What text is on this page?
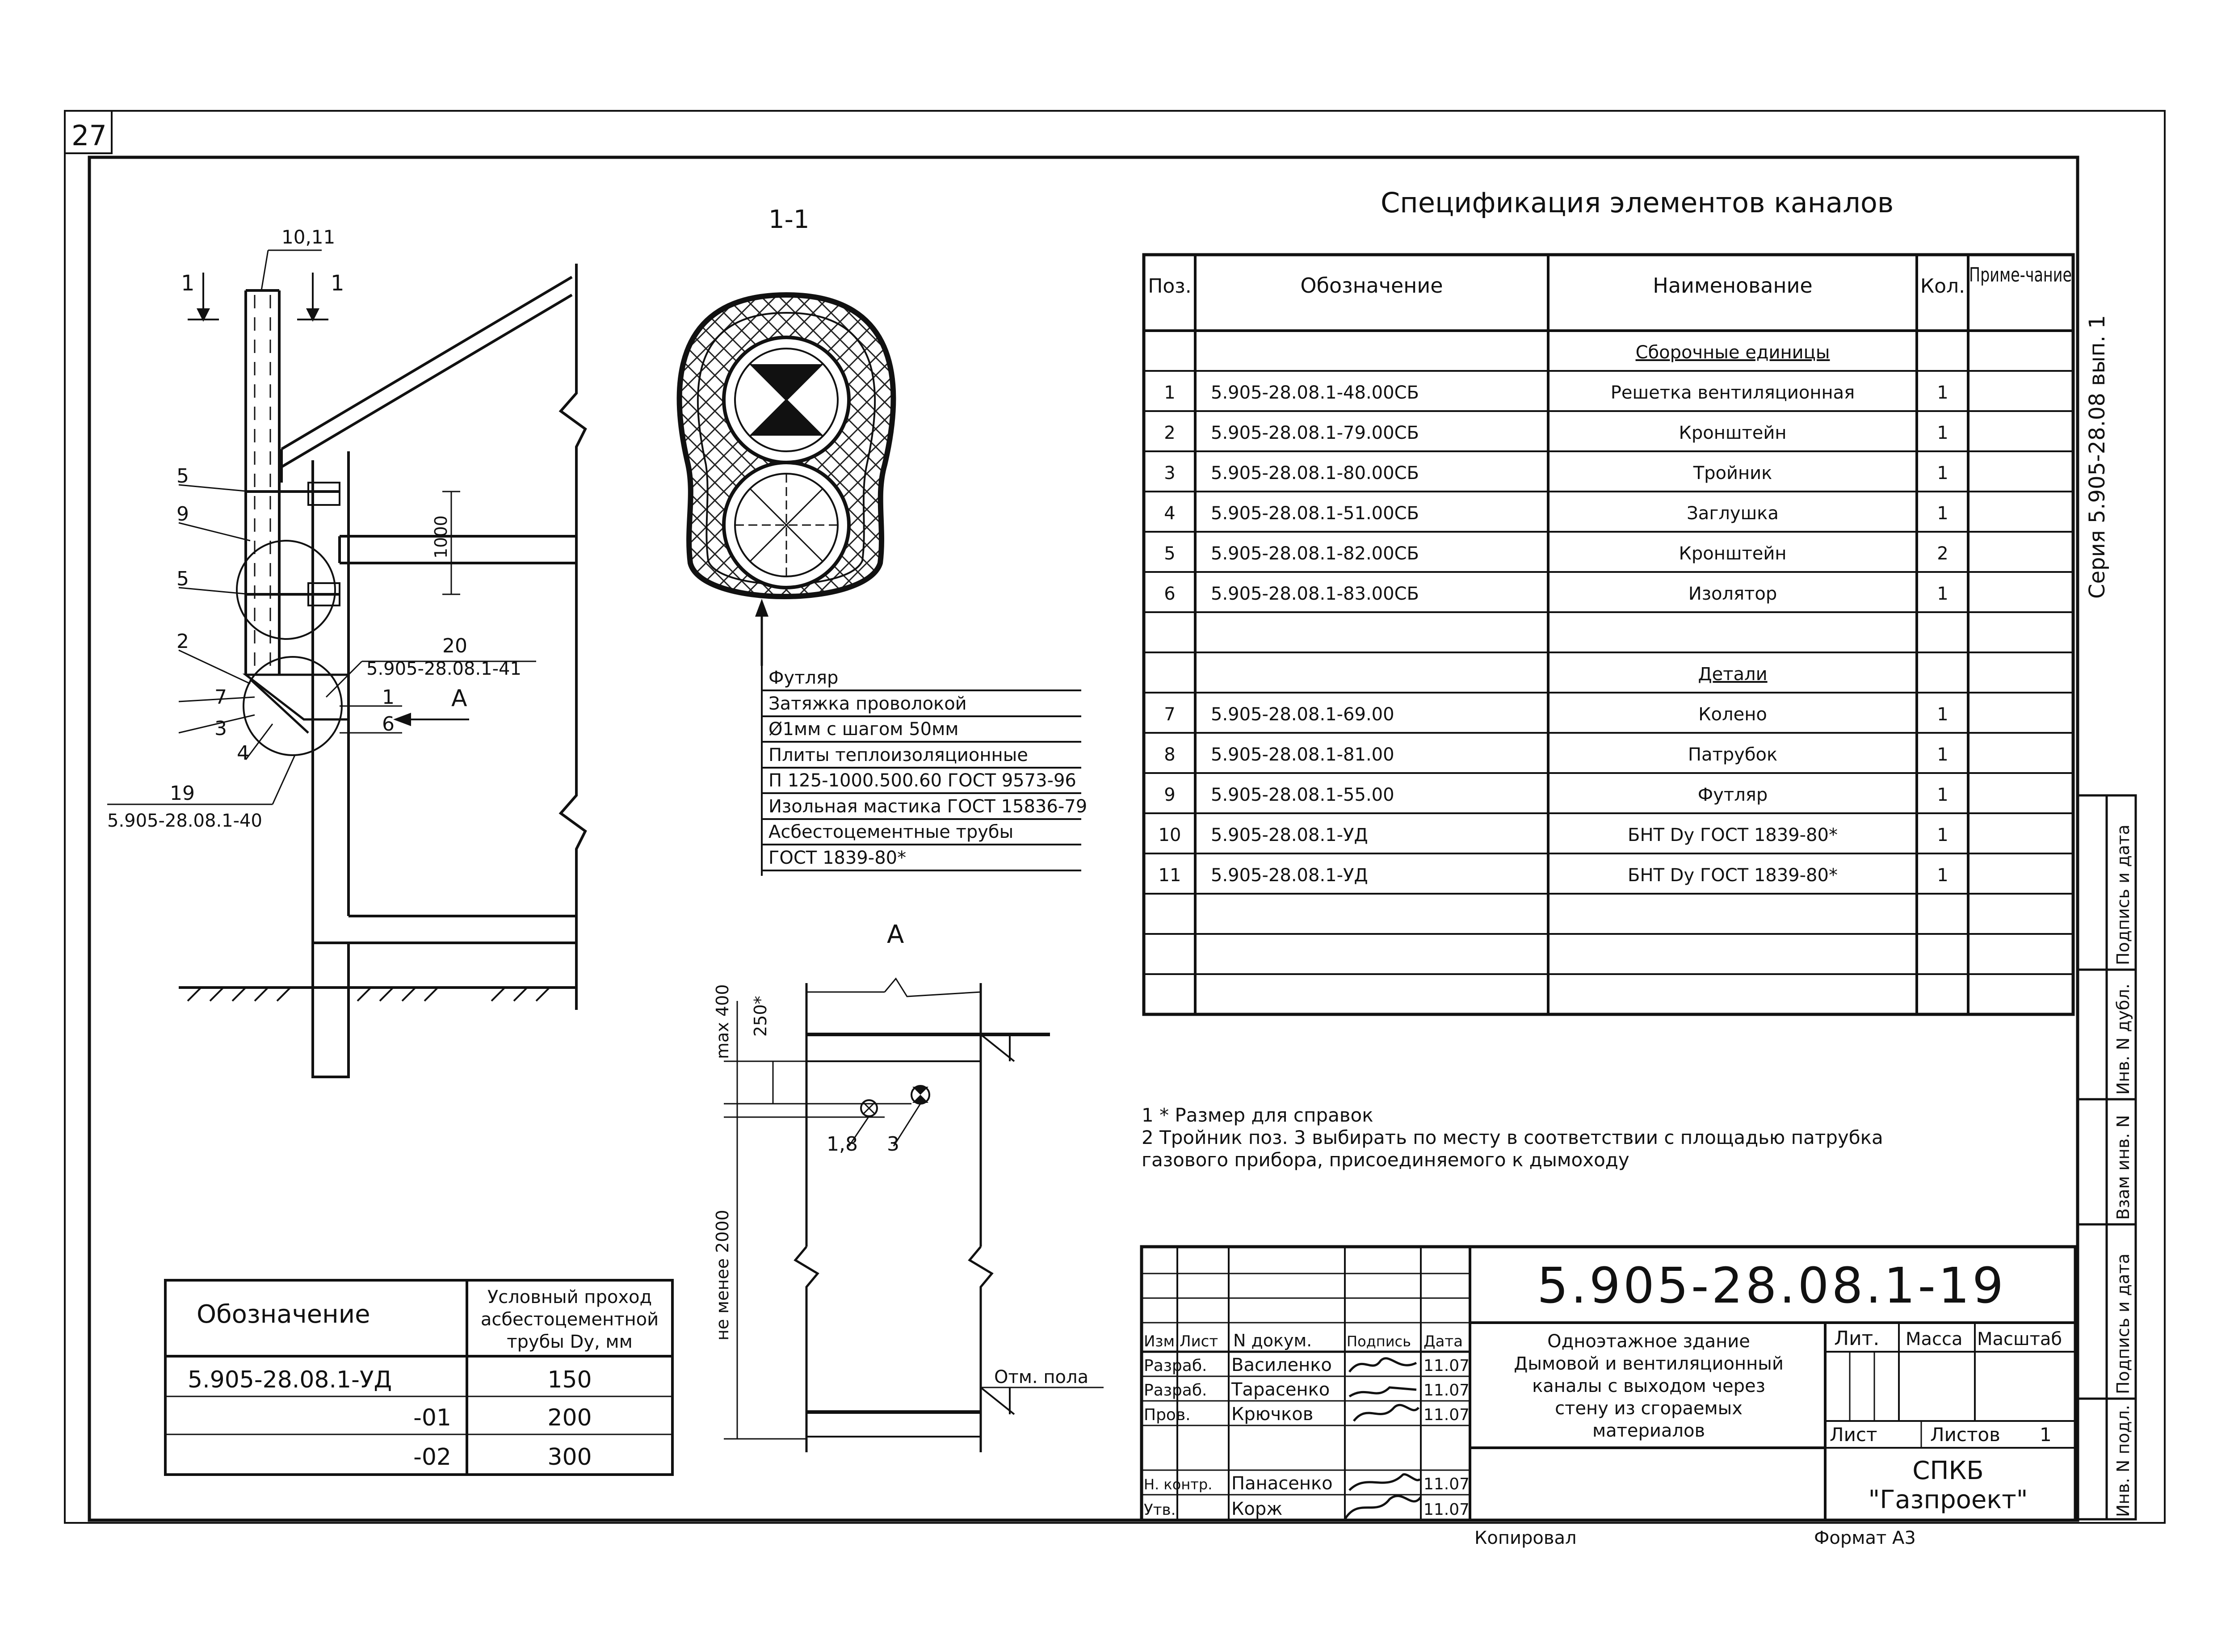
27
Серия 5.905-28.08 вып. 1
Подпись и дата
Инв. N дубл.
Взам инв. N
Подпись и дата
Инв. N подл.
10,11
1	1
5
9
5
20
5.905-28.08.1-41
2
7
3
4
1
6
А
19
5.905-28.08.1-40
1000
1-1
Футляр
Затяжка проволокой
Ø1мм с шагом 50мм
Плиты теплоизоляционные
П 125-1000.500.60 ГОСТ 9573-96
Изольная мастика ГОСТ 15836-79
Асбестоцементные трубы
ГОСТ 1839-80*
А
max 400 250*
не менее 2000
1,8 3
Отм. пола
Обозначение
Условный проход асбестоцементной трубы Dy, мм
5.905-28.08.1-УД	150
-01	200
-02	300
Спецификация элементов каналов
Сборочные единицы
1 5.905-28.08.1-48.00СБ	Решетка вентиляционная	1
2 5.905-28.08.1-79.00СБ	Кронштейн	1
3 5.905-28.08.1-80.00СБ	Тройник	1
4 5.905-28.08.1-51.00СБ	Заглушка	1
5 5.905-28.08.1-82.00СБ	Кронштейн	2
6 5.905-28.08.1-83.00СБ	Изолятор	1
Детали
7 5.905-28.08.1-69.00	Колено	1
8 5.905-28.08.1-81.00	Патрубок	1
9 5.905-28.08.1-55.00	Футляр	1
10 5.905-28.08.1-УД	БНТ Dy ГОСТ 1839-80*	1
11 5.905-28.08.1-УД	БНТ Dy ГОСТ 1839-80*	1
Поз.	Обозначение	Наименование	Кол. Приме-чание
1 * Размер для справок
2 Тройник поз. 3 выбирать по месту в соответствии с площадью патрубка
газового прибора, присоединяемого к дымоходу
5.905-28.08.1-19
Одноэтажное здание
Дымовой и вентиляционный
каналы с выходом через
стену из сгораемых
материалов
Изм. Лист N докум. Подпись Дата
Разраб. Василенко	11.07
Разраб. Тарасенко	11.07
Пров. Крючков	11.07
Н. контр. Панасенко	11.07
Утв.	Корж	11.07
Лит. Масса Масштаб
Лист	Листов 1
СПКБ
"Газпроект"
Копировал	Формат А3
